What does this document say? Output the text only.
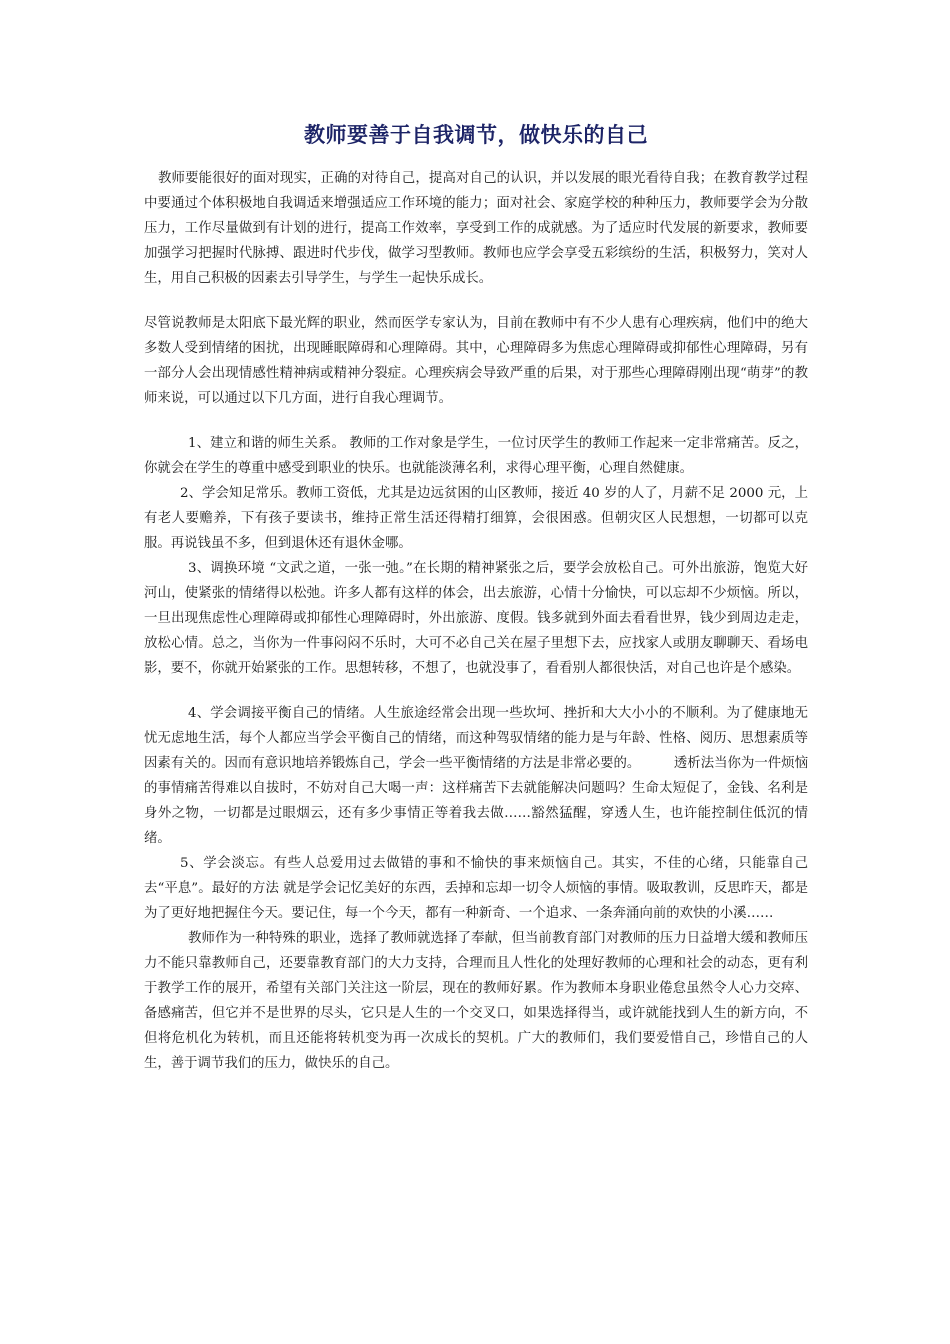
教师要善于自我调节，做快乐的自己

教师要能很好的面对现实，正确的对待自己，提高对自己的认识，并以发展的眼光看待自我；在教育教学过程中要通过个体积极地自我调适来增强适应工作环境的能力；面对社会、家庭学校的种种压力，教师要学会为分散压力，工作尽量做到有计划的进行，提高工作效率，享受到工作的成就感。为了适应时代发展的新要求，教师要加强学习把握时代脉搏、跟进时代步伐，做学习型教师。教师也应学会享受五彩缤纷的生活，积极努力，笑对人生，用自己积极的因素去引导学生，与学生一起快乐成长。

尽管说教师是太阳底下最光辉的职业，然而医学专家认为，目前在教师中有不少人患有心理疾病，他们中的绝大多数人受到情绪的困扰，出现睡眠障碍和心理障碍。其中，心理障碍多为焦虑心理障碍或抑郁性心理障碍，另有一部分人会出现情感性精神病或精神分裂症。心理疾病会导致严重的后果，对于那些心理障碍刚出现“萌芽”的教师来说，可以通过以下几方面，进行自我心理调节。

1、建立和谐的师生关系。 教师的工作对象是学生，一位讨厌学生的教师工作起来一定非常痛苦。反之，你就会在学生的尊重中感受到职业的快乐。也就能淡薄名利，求得心理平衡，心理自然健康。

2、学会知足常乐。教师工资低，尤其是边远贫困的山区教师，接近 40 岁的人了，月薪不足 2000 元，上有老人要赡养，下有孩子要读书，维持正常生活还得精打细算，会很困惑。但朝灾区人民想想，一切都可以克服。再说钱虽不多，但到退休还有退休金哪。

3、调换环境 “文武之道，一张一弛。”在长期的精神紧张之后，要学会放松自己。可外出旅游，饱览大好河山，使紧张的情绪得以松弛。许多人都有这样的体会，出去旅游，心情十分愉快，可以忘却不少烦恼。所以，一旦出现焦虑性心理障碍或抑郁性心理障碍时，外出旅游、度假。钱多就到外面去看看世界，钱少到周边走走，放松心情。总之，当你为一件事闷闷不乐时，大可不必自己关在屋子里想下去，应找家人或朋友聊聊天、看场电影，要不，你就开始紧张的工作。思想转移，不想了，也就没事了，看看别人都很快活，对自己也许是个感染。

4、学会调接平衡自己的情绪。人生旅途经常会出现一些坎坷、挫折和大大小小的不顺利。为了健康地无忧无虑地生活，每个人都应当学会平衡自己的情绪，而这种驾驭情绪的能力是与年龄、性格、阅历、思想素质等因素有关的。因而有意识地培养锻炼自己，学会一些平衡情绪的方法是非常必要的。　　　透析法当你为一件烦恼的事情痛苦得难以自拔时，不妨对自己大喝一声：这样痛苦下去就能解决问题吗？生命太短促了，金钱、名利是身外之物，一切都是过眼烟云，还有多少事情正等着我去做……豁然猛醒，穿透人生，也许能控制住低沉的情绪。

5、学会淡忘。有些人总爱用过去做错的事和不愉快的事来烦恼自己。其实，不佳的心绪，只能靠自己去“平息”。最好的方法 就是学会记忆美好的东西，丢掉和忘却一切令人烦恼的事情。吸取教训，反思昨天，都是为了更好地把握住今天。要记住，每一个今天，都有一种新奇、一个追求、一条奔涌向前的欢快的小溪……

教师作为一种特殊的职业，选择了教师就选择了奉献，但当前教育部门对教师的压力日益增大缓和教师压力不能只靠教师自己，还要靠教育部门的大力支持，合理而且人性化的处理好教师的心理和社会的动态，更有利于教学工作的展开，希望有关部门关注这一阶层，现在的教师好累。作为教师本身职业倦怠虽然令人心力交瘁、备感痛苦，但它并不是世界的尽头，它只是人生的一个交叉口，如果选择得当，或许就能找到人生的新方向，不但将危机化为转机，而且还能将转机变为再一次成长的契机。广大的教师们，我们要爱惜自己，珍惜自己的人生，善于调节我们的压力，做快乐的自己。
